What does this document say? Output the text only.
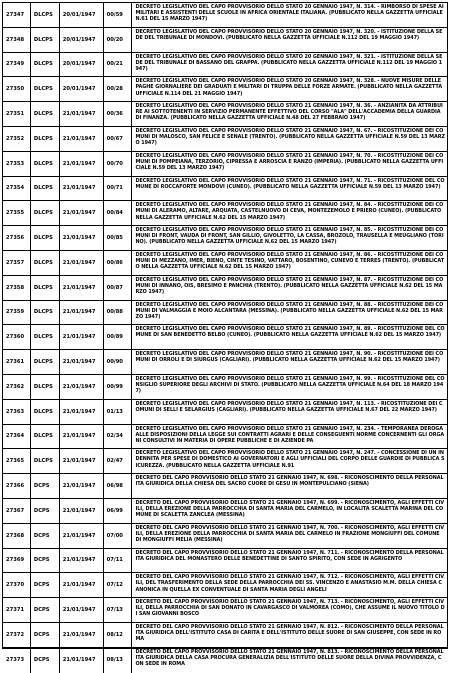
27347	DLCPS	20/01/1947	00/59
DECRETO LEGISLATIVO DEL CAPO PROVVISORIO DELLO STATO 20 GENNAIO 1947, N. 314. - RIMBORSO DI SPESE AI MILITARI E ASSISTENTI DELLE SCUOLE IN AFRICA ORIENTALE ITALIANA. (PUBBLICATO NELLA GAZZETTA UFFICIALE N.61 DEL 15 MARZO 1947)
27348	DLCPS	20/01/1947	00/20
DECRETO LEGISLATIVO DEL CAPO PROVVISORIO DELLO STATO 20 GENNAIO 1947, N. 320. - ISTITUZIONE DELLA SEDE DEL TRIBUNALE DI MONDOVI. (PUBBLICATO NELLA GAZZETTA UFFICIALE N.112 DEL 19 MAGGIO 1947)
27349	DLCPS	20/01/1947	00/21
DECRETO LEGISLATIVO DEL CAPO PROVVISORIO DELLO STATO 20 GENNAIO 1947, N. 321. - ISTITUZIONE DELLA SEDE DEL TRIBUNALE DI BASSANO DEL GRAPPA. (PUBBLICATO NELLA GAZZETTA UFFICIALE N.112 DEL 19 MAGGIO 1947)
27350	DLCPS	20/01/1947	00/28
DECRETO LEGISLATIVO DEL CAPO PROVVISORIO DELLO STATO 20 GENNAIO 1947, N. 328. - NUOVE MISURE DELLE PAGHE GIORNALIERE DEI GRADUATI E MILITARI DI TRUPPA DELLE FORZE ARMATE. (PUBBLICATO NELLA GAZZETTA UFFICIALE N.114 DEL 21 MAGGIO 1947)
27351	DLCPS	21/01/1947	00/36
DECRETO LEGISLATIVO DEL CAPO PROVVISORIO DELLO STATO 21 GENNAIO 1947, N. 36. - ANZIANITA DA ATTRIBUIRE AI SOTTOTENENTI IN SERVIZIO PERMANENTE EFFETTIVO DEL CORSO "ALA" DELL'ACCADEMIA DELLA GUARDIA DI FINANZA. (PUBBLICATO NELLA GAZZETTA UFFICIALE N.48 DEL 27 FEBBRAIO 1947)
27352	DLCPS	21/01/1947	00/67
DECRETO LEGISLATIVO DEL CAPO PROVVISORIO DELLO STATO 21 GENNAIO 1947, N. 67. - RICOSTITUZIONE DEI COMUNI DI MALOSCO, SAN FELICE E SENALE (TRENTO). (PUBBLICATO NELLA GAZZETTA UFFICIALE N.59 DEL 13 MARZO 1947)
27353	DLCPS	21/01/1947	00/70
DECRETO LEGISLATIVO DEL CAPO PROVVISORIO DELLO STATO 21 GENNAIO 1947, N. 70. - RICOSTITUZIONE DEI COMUNI DI POMPEIANA, TERZORIO, CIPRESSA E ARROSCIA E RANZO (IMPERIA). (PUBBLICATO NELLA GAZZETTA UFFICIALE N.59 DEL 13 MARZO 1947)
27354	DLCPS	21/01/1947	00/71
DECRETO LEGISLATIVO DEL CAPO PROVVISORIO DELLO STATO 21 GENNAIO 1947, N. 71. - RICOSTITUZIONE DEL COMUNE DI ROCCAFORTE MONDOVI (CUNEO). (PUBBLICATO NELLA GAZZETTA UFFICIALE N.59 DEL 13 MARZO 1947)
27355	DLCPS	21/01/1947	00/84
DECRETO LEGISLATIVO DEL CAPO PROVVISORIO DELLO STATO 21 GENNAIO 1947, N. 84. - RICOSTITUZIONE DEI COMUNI DI ALERAMO, ALTARE, ARQUATA, CASTELNUOVO DI CEVA, MONTEZEMOLO E PRIERO (CUNEO). (PUBBLICATO NELLA GAZZETTA UFFICIALE N.62 DEL 15 MARZO 1947)
27356	DLCPS	21/01/1947	00/85
DECRETO LEGISLATIVO DEL CAPO PROVVISORIO DELLO STATO 21 GENNAIO 1947, N. 85. - RICOSTITUZIONE DEI COMUNI DI FRONT, VAUDA DI FRONT, SAN GILLIO, GIVOLETTO, LA CASSA, BROZOLO, TRAUSELLA E MEUGLIANO (TORINO). (PUBBLICATO NELLA GAZZETTA UFFICIALE N.62 DEL 15 MARZO 1947)
27357	DLCPS	21/01/1947	00/86
DECRETO LEGISLATIVO DEL CAPO PROVVISORIO DELLO STATO 21 GENNAIO 1947, N. 86. - RICOSTITUZIONE DEI COMUNI DI MEZZANO, IMER, BIENO, CINTE TESINO, VATTARO, BOSENTINO, CUNEVO E TERRES (TRENTO). (PUBBLICATO NELLA GAZZETTA UFFICIALE N.62 DEL 15 MARZO 1947)
27358	DLCPS	21/01/1947	00/87
DECRETO LEGISLATIVO DEL CAPO PROVVISORIO DELLO STATO 21 GENNAIO 1947, N. 87. - RICOSTITUZIONE DEI COMUNI DI INNANO, OIS, BRESIMO E PANCHIA (TRENTO). (PUBBLICATO NELLA GAZZETTA UFFICIALE N.62 DEL 15 MARZO 1947)
27359	DLCPS	21/01/1947	00/88
DECRETO LEGISLATIVO DEL CAPO PROVVISORIO DELLO STATO 21 GENNAIO 1947, N. 88. - RICOSTITUZIONE DEI COMUNI DI VALMAGGIA E MOIO ALCANTARA (MESSINA). (PUBBLICATO NELLA GAZZETTA UFFICIALE N.62 DEL 15 MARZO 1947)
27360	DLCPS	21/01/1947	00/89
DECRETO LEGISLATIVO DEL CAPO PROVVISORIO DELLO STATO 21 GENNAIO 1947, N. 89. - RICOSTITUZIONE DEL COMUNE DI SAN BENEDETTO BELBO (CUNEO). (PUBBLICATO NELLA GAZZETTA UFFICIALE N.62 DEL 15 MARZO 1947)
27361	DLCPS	21/01/1947	00/90
DECRETO LEGISLATIVO DEL CAPO PROVVISORIO DELLO STATO 21 GENNAIO 1947, N. 90. - RICOSTITUZIONE DEI COMUNI DI ORROLI E DI SIURGUS (CAGLIARI). (PUBBLICATO NELLA GAZZETTA UFFICIALE N.62 DEL 15 MARZO 1947)
27362	DLCPS	21/01/1947	00/99
DECRETO LEGISLATIVO DEL CAPO PROVVISORIO DELLO STATO 21 GENNAIO 1947, N. 99. - RICOSTITUZIONE DEL CONSIGLIO SUPERIORE DEGLI ARCHIVI DI STATO. (PUBBLICATO NELLA GAZZETTA UFFICIALE N.64 DEL 18 MARZO 1947)
27363	DLCPS	21/01/1947	01/13
DECRETO LEGISLATIVO DEL CAPO PROVVISORIO DELLO STATO 21 GENNAIO 1947, N. 113. - RICOSTITUZIONE DEI COMUNI DI SELLI E SELARGIUS (CAGLIARI). (PUBBLICATO NELLA GAZZETTA UFFICIALE N.67 DEL 22 MARZO 1947)
27364	DLCPS	21/01/1947	02/34
DECRETO LEGISLATIVO DEL CAPO PROVVISORIO DELLO STATO 21 GENNAIO 1947, N. 234. - TEMPORANEA DEROGA ALLE DISPOSIZIONI DELLA LEGGE SUI CONTRATTI AGRARI E DELLE CONSEGUENTI NORME CONCERNENTI GLI ORGANI CONSULTIVI IN MATERIA DI OPERE PUBBLICHE E DI AZIENDE PA
27365	DLCPS	21/01/1947	02/47
DECRETO LEGISLATIVO DEL CAPO PROVVISORIO DELLO STATO 21 GENNAIO 1947, N. 247. - CONCESSIONE DI UN INDENNITA PER SPESE DI DOMESTICO AI GOVERNATORI E AGLI UFFICIALI DEL CORPO DELLE GUARDIE DI PUBBLICA SICUREZZA. (PUBBLICATO NELLA GAZZETTA UFFICIALE N.91
27366	DCPS	21/01/1947	06/98
DECRETO DEL CAPO PROVVISORIO DELLO STATO 21 GENNAIO 1947, N. 698. - RICONOSCIMENTO DELLA PERSONALITA GIURIDICA DELLA CHIESA DEL SACRO CUORE DI GESU IN MONTEPULCIANO (SIENA)
27367	DCPS	21/01/1947	06/99
DECRETO DEL CAPO PROVVISORIO DELLO STATO 21 GENNAIO 1947, N. 699. - RICONOSCIMENTO, AGLI EFFETTI CIVILI, DELLA EREZIONE DELLA PARROCCHIA DI SANTA MARIA DEL CARMELO, IN LOCALITA SCALETTA MARINA DEL COMUNE DI SCALETTA ZANCLEA (MESSINA)
27368	DCPS	21/01/1947	07/00
DECRETO DEL CAPO PROVVISORIO DELLO STATO 21 GENNAIO 1947, N. 700. - RICONOSCIMENTO, AGLI EFFETTI CIVILI, DELLA EREZIONE DELLA PARROCCHIA DI SANTA MARIA DEL CARMELO IN FRAZIONE MONGIUFFI DEL COMUNE DI MONGIUFFI MELIA (MESSINA)
27369	DCPS	21/01/1947	07/11
DECRETO DEL CAPO PROVVISORIO DELLO STATO 21 GENNAIO 1947, N. 711. - RICONOSCIMENTO DELLA PERSONALITA GIURIDICA DEL MONASTERO DELLE BENEDETTINE DI SANTO SPIRITO, CON SEDE IN AGRIGENTO
27370	DCPS	21/01/1947	07/12
DECRETO DEL CAPO PROVVISORIO DELLO STATO 21 GENNAIO 1947, N. 712. - RICONOSCIMENTO, AGLI EFFETTI CIVILI, DEL TRASFERIMENTO DELLA SEDE DELLA PARROCCHIA DEI SS. VINCENZO E ANASTASIO M.M. DELLA CHIESA CANONICA IN QUELLA EX CONVENTUALE DI SANTA MARIA DEGLI ANGELI
27371	DCPS	21/01/1947	07/13
DECRETO DEL CAPO PROVVISORIO DELLO STATO 21 GENNAIO 1947, N. 713. - RICONOSCIMENTO, AGLI EFFETTI CIVILI, DELLA PARROCCHIA DI SAN DONATO IN CAVARGASCO DI VALMOREA (COMO), CHE ASSUME IL NUOVO TITOLO DI SAN GIOVANNI BOSCO
27372	DCPS	21/01/1947	08/12
DECRETO DEL CAPO PROVVISORIO DELLO STATO 21 GENNAIO 1947, N. 812. - RICONOSCIMENTO DELLA PERSONALITA GIURIDICA DELL'ISTITUTO CASA DI CARITA E DELL'ISTITUTO DELLE SUORE DI SAN GIUSEPPE, CON SEDE IN ROMA
27373	DCPS	21/01/1947	08/13
DECRETO DEL CAPO PROVVISORIO DELLO STATO 21 GENNAIO 1947, N. 813. - RICONOSCIMENTO DELLA PERSONALITA GIURIDICA DELLA CASA PROCURA GENERALIZIA DELL'ISTITUTO DELLE SUORE DELLA DIVINA PROVVIDENZA, CON SEDE IN ROMA
